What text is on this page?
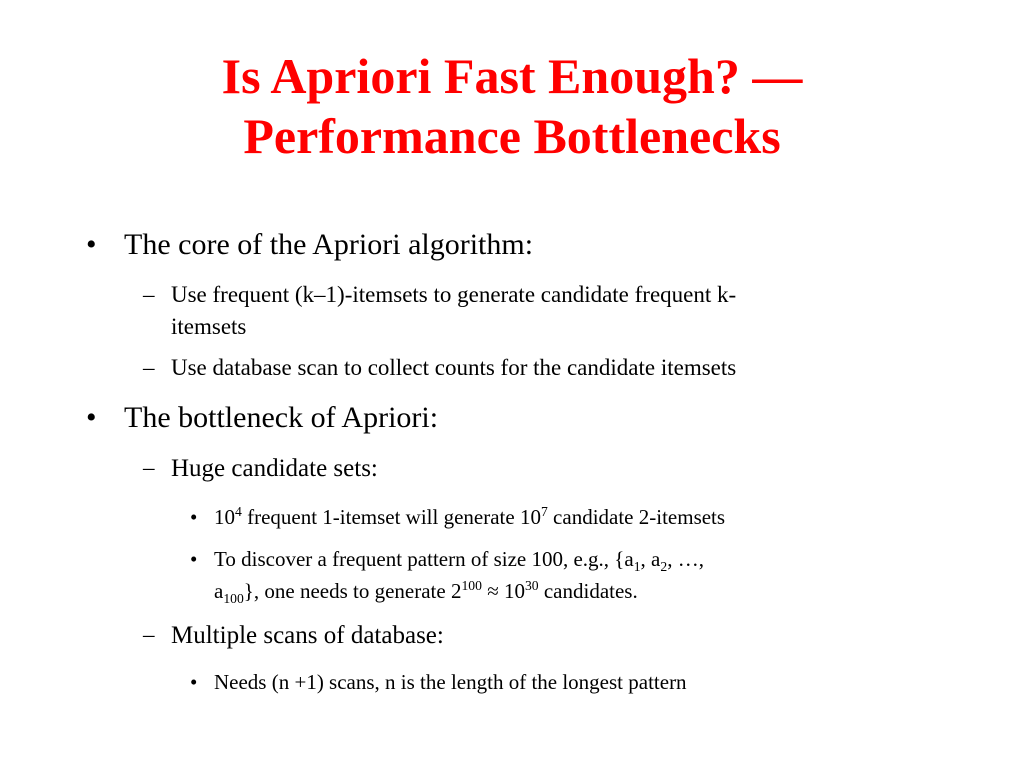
Is Apriori Fast Enough? —
Performance Bottlenecks
• The core of the Apriori algorithm:
– Use frequent (k–1)-itemsets to generate candidate frequent k-
itemsets
– Use database scan to collect counts for the candidate itemsets
• The bottleneck of Apriori:
– Huge candidate sets:
• $10^4$ frequent 1-itemset will generate $10^7$ candidate 2-itemsets
• To discover a frequent pattern of size 100, e.g., {$a_1$, $a_2$, …,
$a_{100}$}, one needs to generate $2^{100} \approx 10^{30}$ candidates.
– Multiple scans of database:
• Needs (n +1) scans, n is the length of the longest pattern
